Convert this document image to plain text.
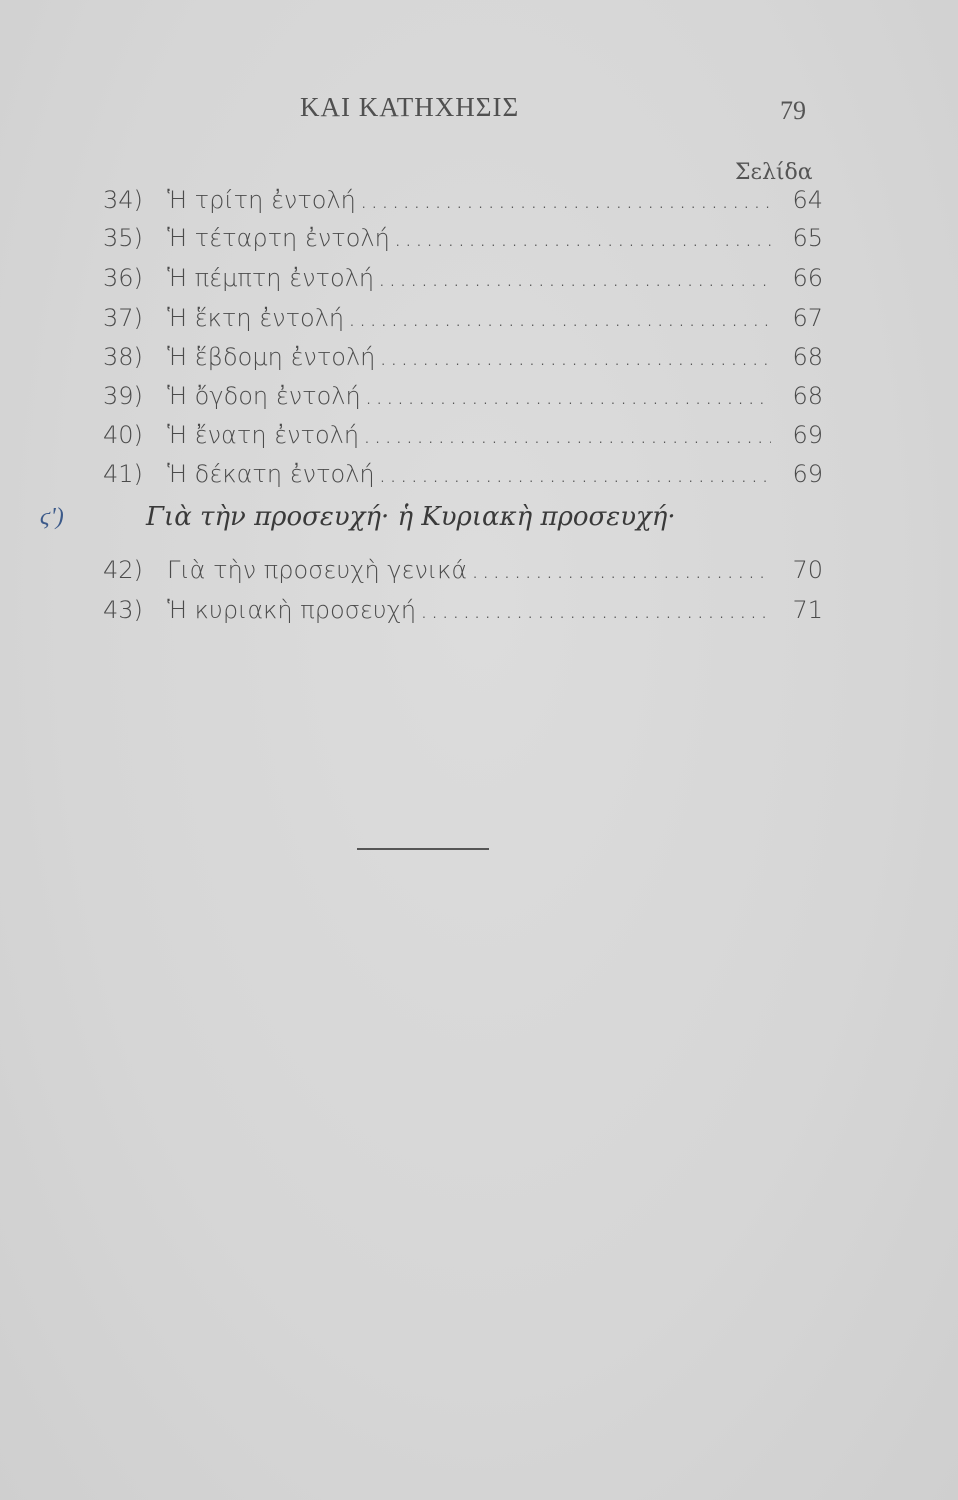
ΚΑΙ ΚΑΤΗΧΗΣΙΣ	79
Σελίδα
34)	Ἡ τρίτη ἐντολή .....	64
35)	Ἡ τέταρτη ἐντολή .....	65
36)	Ἡ πέμπτη ἐντολή .....	66
37)	Ἡ ἕκτη ἐντολή .....	67
38)	Ἡ ἕβδομη ἐντολή .....	68
39)	Ἡ ὄγδοη ἐντολή .....	68
40)	Ἡ ἔνατη ἐντολή .....	69
41)	Ἡ δέκατη ἐντολή .....	69
ϛ')	Γιὰ τὴν προσευχή· ἡ Κυριακὴ προσευχή·
42)	Γιὰ τὴν προσευχὴ γενικά .....	70
43)	Ἡ κυριακὴ προσευχή .....	71
